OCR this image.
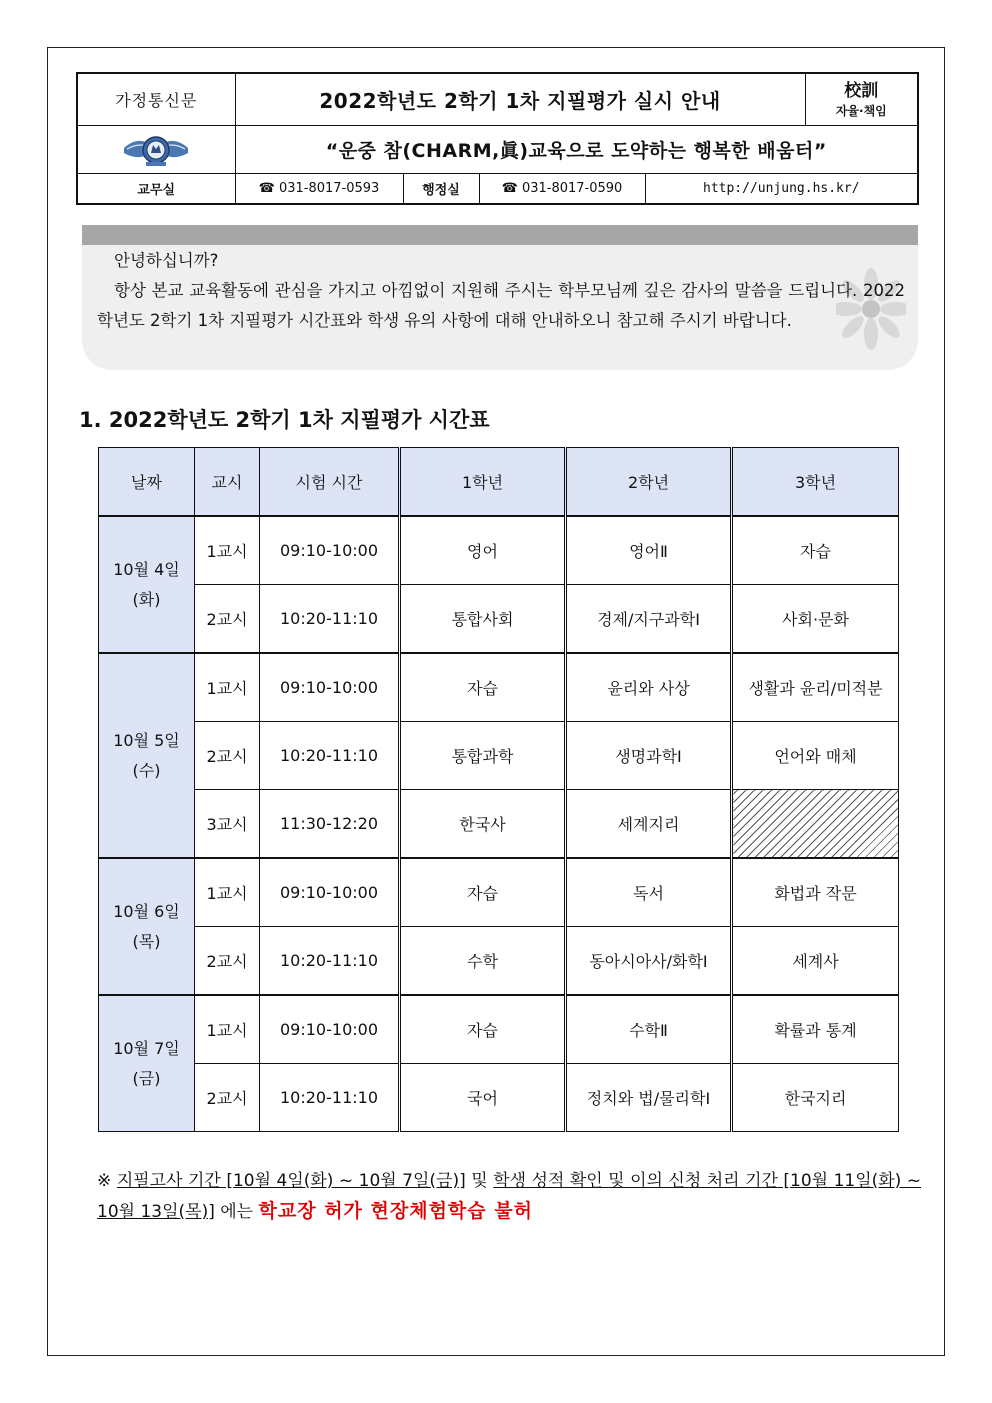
가정통신문	2022학년도 2학기 1차 지필평가 실시 안내				校訓
자율·책임

	“운중 참(CHARM,眞)교육으로 도약하는 행복한 배움터”				
교무실	☎ 031-8017-0593	행정실	☎ 031-8017-0590	http://unjung.hs.kr/	

안녕하십니까?

항상 본교 교육활동에 관심을 가지고 아낌없이 지원해 주시는 학부모님께 깊은 감사의 말씀을 드립니다. 2022학년도 2학기 1차 지필평가 시간표와 학생 유의 사항에 대해 안내하오니 참고해 주시기 바랍니다.

1. 2022학년도 2학기 1차 지필평가 시간표
날짜	교시	시험 시간	1학년	2학년	3학년

10월 4일
(화)	1교시	09:10-10:00	영어	영어Ⅱ	자습
	2교시	10:20-11:10	통합사회	경제/지구과학Ⅰ	사회·문화

10월 5일
(수)	1교시	09:10-10:00	자습	윤리와 사상	생활과 윤리/미적분
	2교시	10:20-11:10	통합과학	생명과학Ⅰ	언어와 매체
	3교시	11:30-12:20	한국사	세계지리	

10월 6일
(목)	1교시	09:10-10:00	자습	독서	화법과 작문
	2교시	10:20-11:10	수학	동아시아사/화학Ⅰ	세계사

10월 7일
(금)	1교시	09:10-10:00	자습	수학Ⅱ	확률과 통계
	2교시	10:20-11:10	국어	정치와 법/물리학Ⅰ	한국지리
※ 지필고사 기간 [10월 4일(화) ~ 10월 7일(금)] 및 학생 성적 확인 및 이의 신청 처리 기간 [10월 11일(화) ~ 10월 13일(목)] 에는 학교장 허가 현장체험학습 불허
